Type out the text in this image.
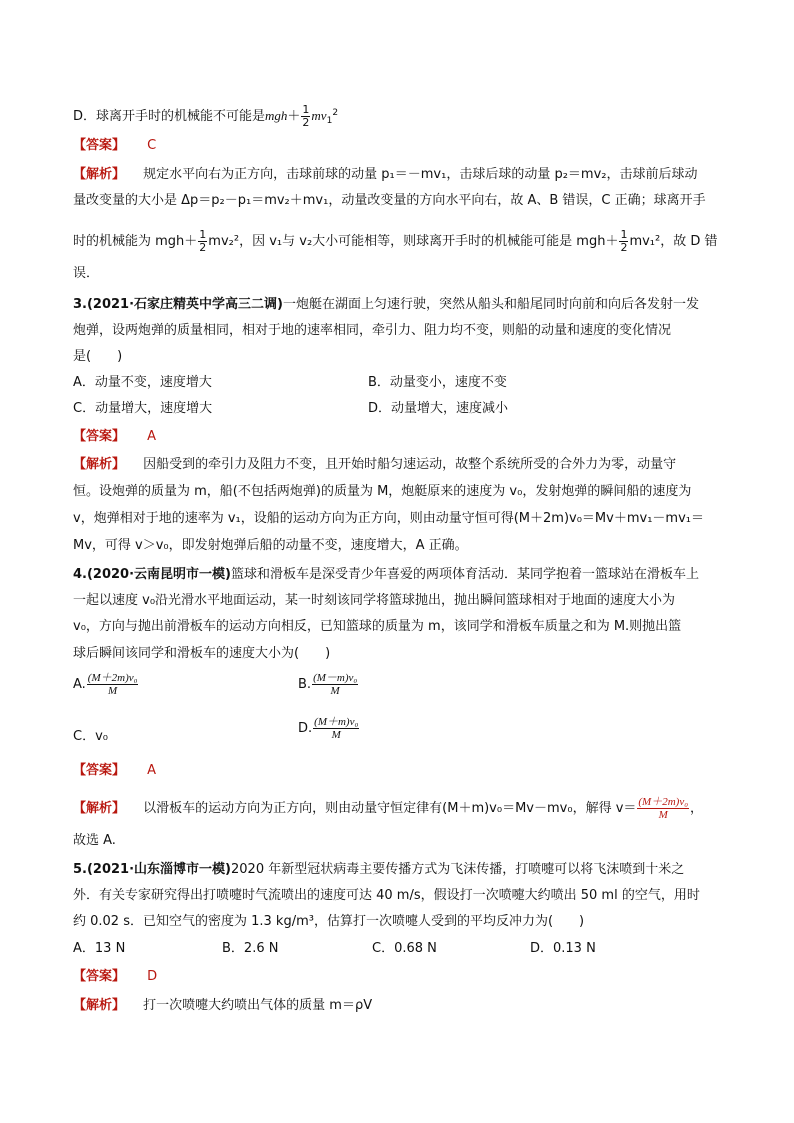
D．球离开手时的机械能不可能是$mgh+ \frac{1}{2} mv_1^2$
【答案】 C
【解析】 规定水平向右为正方向，击球前球的动量 p₁＝－mv₁，击球后球的动量 p₂＝mv₂，击球前后球动
量改变量的大小是 Δp＝p₂－p₁＝mv₂＋mv₁，动量改变量的方向水平向右，故 A、B 错误，C 正确；球离开手
时的机械能为 $mgh+ \frac{1}{2} mv_2^2$，因 v₁与 v₂大小可能相等，则球离开手时的机械能可能是 $mgh+ \frac{1}{2} mv_1^2$，故 D 错
误．
3.(2021·石家庄精英中学高三二调)一炮艇在湖面上匀速行驶，突然从船头和船尾同时向前和向后各发射一发
炮弹，设两炮弹的质量相同，相对于地的速率相同，牵引力、阻力均不变，则船的动量和速度的变化情况
是(　　)
A．动量不变，速度增大	B．动量变小，速度不变
C．动量增大，速度增大	D．动量增大，速度减小
【答案】 A
【解析】 因船受到的牵引力及阻力不变，且开始时船匀速运动，故整个系统所受的合外力为零，动量守
恒。设炮弹的质量为 m，船(不包括两炮弹)的质量为 M，炮艇原来的速度为 v₀，发射炮弹的瞬间船的速度为
v，炮弹相对于地的速率为 v₁，设船的运动方向为正方向，则由动量守恒可得(M＋2m)v₀＝Mv＋mv₁－mv₁＝
Mv，可得 v＞v₀，即发射炮弹后船的动量不变，速度增大，A 正确。
4.(2020·云南昆明市一模)篮球和滑板车是深受青少年喜爱的两项体育活动．某同学抱着一篮球站在滑板车上
一起以速度 v₀沿光滑水平地面运动，某一时刻该同学将篮球抛出，抛出瞬间篮球相对于地面的速度大小为
v₀，方向与抛出前滑板车的运动方向相反，已知篮球的质量为 m，该同学和滑板车质量之和为 M.则抛出篮
球后瞬间该同学和滑板车的速度大小为(　　)
A. $\frac{\text{(M＋2m)v₀}}{M}$	B. $\frac{\text{(M－m)v₀}}{M}$
C．v₀
D. $\frac{\text{(M＋m)v₀}}{M}$
【答案】 A
【解析】 以滑板车的运动方向为正方向，则由动量守恒定律有(M＋m)v₀＝Mv－mv₀，解得 $v= \frac{\text{(M＋2m)v₀}}{M}$ ，
故选 A.
5.(2021·山东淄博市一模)2020 年新型冠状病毒主要传播方式为飞沫传播，打喷嚏可以将飞沫喷到十米之
外．有关专家研究得出打喷嚏时气流喷出的速度可达 40 m/s，假设打一次喷嚏大约喷出 50 ml 的空气，用时
约 0.02 s．已知空气的密度为 1.3 kg/m³，估算打一次喷嚏人受到的平均反冲力为(　　)
A．13 N	B．2.6 N	C．0.68 N	D．0.13 N
【答案】 D
【解析】 打一次喷嚏大约喷出气体的质量 m＝ρV
